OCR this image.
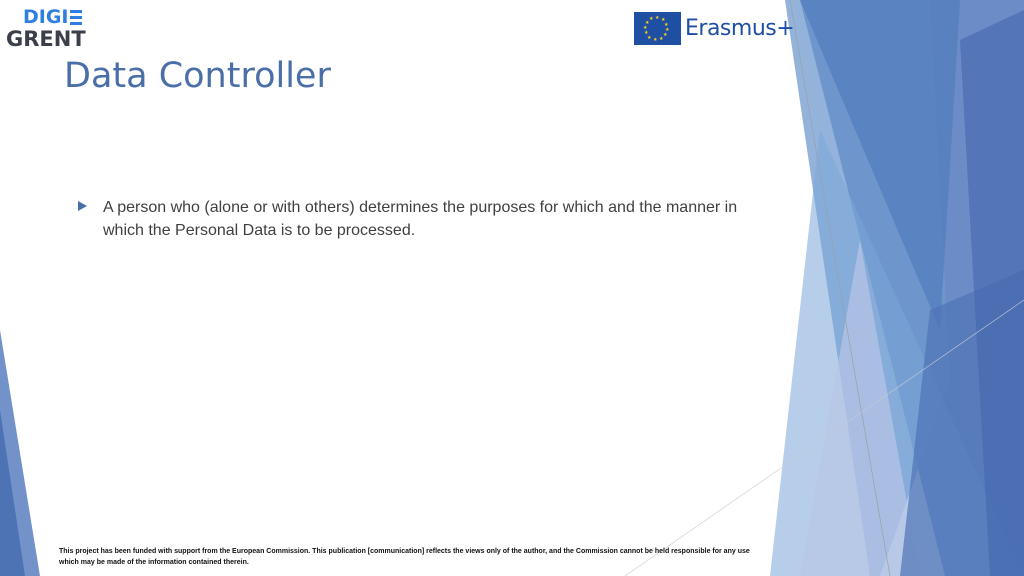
DIGI
GRENT
★ ★
★
★
★
★
★
★
★
★
★
★ Erasmus+
Data Controller
A person who (alone or with others) determines the purposes for which and the manner in which the Personal Data is to be processed.

This project has been funded with support from the European Commission. This publication [communication] reflects the views only of the author, and the Commission cannot be held responsible for any use which may be made of the information contained therein.
